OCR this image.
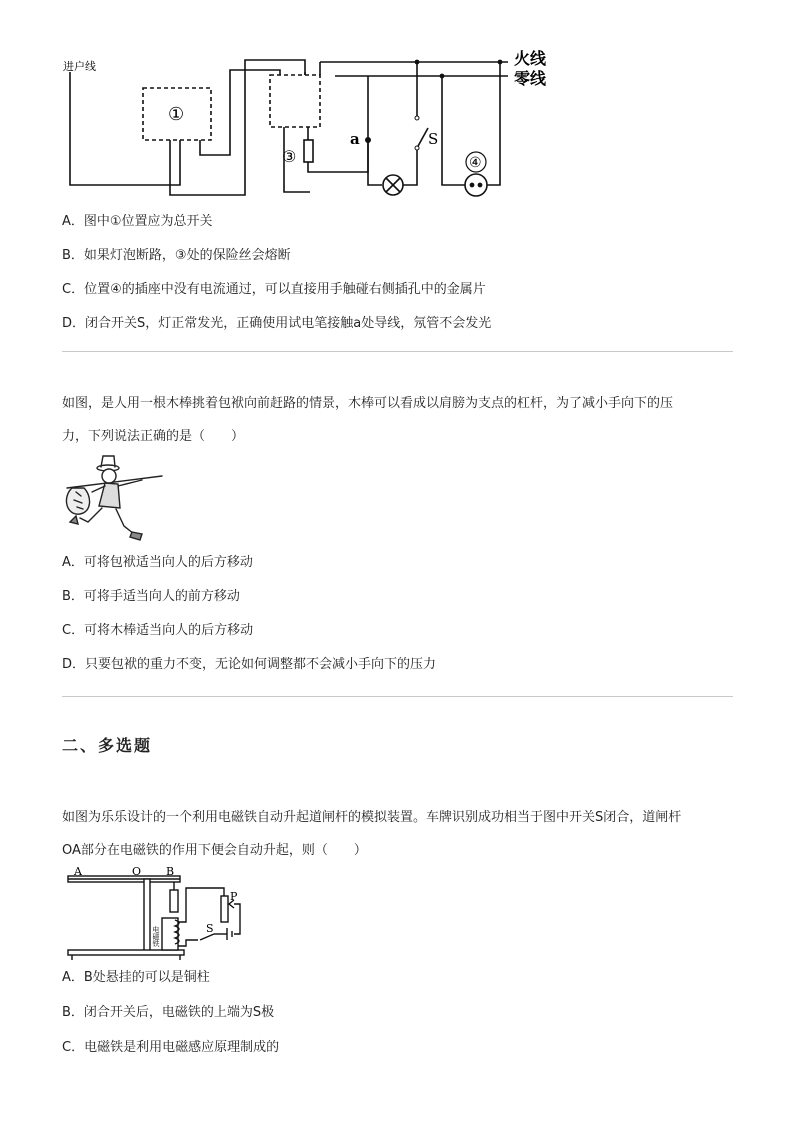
进户线	火线
零线
①
③	④
a	S
A．图中①位置应为总开关
B．如果灯泡断路，③处的保险丝会熔断
C．位置④的插座中没有电流通过，可以直接用手触碰右侧插孔中的金属片
D．闭合开关S，灯正常发光，正确使用试电笔接触a处导线，氖管不会发光
如图，是人用一根木棒挑着包袱向前赶路的情景，木棒可以看成以肩膀为支点的杠杆，为了减小手向下的压
力，下列说法正确的是（　　）
A．可将包袱适当向人的后方移动
B．可将手适当向人的前方移动
C．可将木棒适当向人的后方移动
D．只要包袱的重力不变，无论如何调整都不会减小手向下的压力
二、多选题
如图为乐乐设计的一个利用电磁铁自动升起道闸杆的模拟装置。车牌识别成功相当于图中开关S闭合，道闸杆
OA部分在电磁铁的作用下便会自动升起，则（　　）
A	O B
P
S
电磁铁
A．B处悬挂的可以是铜柱
B．闭合开关后，电磁铁的上端为S极
C．电磁铁是利用电磁感应原理制成的
